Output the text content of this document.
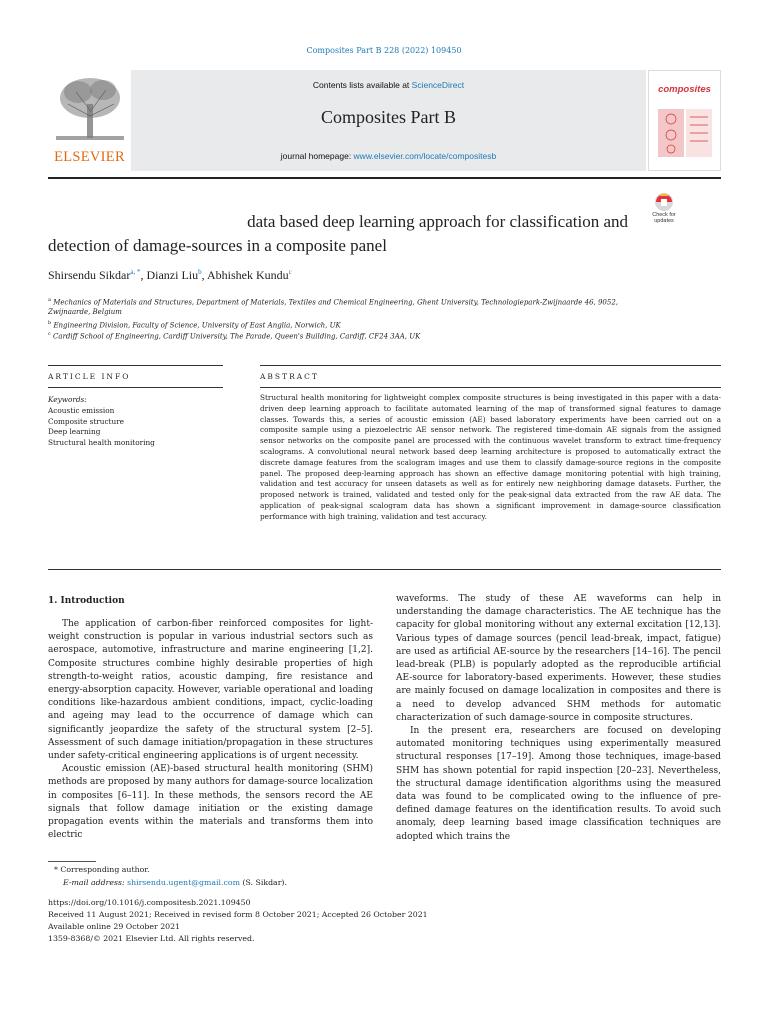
Composites Part B 228 (2022) 109450
ELSEVIER
Contents lists available at ScienceDirect
Composites Part B
journal homepage: www.elsevier.com/locate/compositesb
composites
data based deep learning approach for classification and
detection of damage-sources in a composite panel
Check for updates
Shirsendu Sikdar$^{a, *}$, Dianzi Liu$^b$, Abhishek Kundu$^c$
$^a$ Mechanics of Materials and Structures, Department of Materials, Textiles and Chemical Engineering, Ghent University, Technologiepark-Zwijnaarde 46, 9052, Zwijnaarde, Belgium
$^b$ Engineering Division, Faculty of Science, University of East Anglia, Norwich, UK
$^c$ Cardiff School of Engineering, Cardiff University, The Parade, Queen's Building, Cardiff, CF24 3AA, UK
ARTICLE INFO	ABSTRACT
Keywords:
Acoustic emission
Composite structure
Deep learning
Structural health monitoring
Structural health monitoring for lightweight complex composite structures is being investigated in this paper with a data-driven deep learning approach to facilitate automated learning of the map of transformed signal features to damage classes. Towards this, a series of acoustic emission (AE) based laboratory experiments have been carried out on a composite sample using a piezoelectric AE sensor network. The registered time-domain AE signals from the assigned sensor networks on the composite panel are processed with the continuous wavelet transform to extract time-frequency scalograms. A convolutional neural network based deep learning architecture is proposed to automatically extract the discrete damage features from the scalogram images and use them to classify damage-source regions in the composite panel. The proposed deep-learning approach has shown an effective damage monitoring potential with high training, validation and test accuracy for unseen datasets as well as for entirely new neighboring damage datasets. Further, the proposed network is trained, validated and tested only for the peak-signal data extracted from the raw AE data. The application of peak-signal scalogram data has shown a significant improvement in damage-source classification performance with high training, validation and test accuracy.
1. Introduction

The application of carbon-fiber reinforced composites for light-weight construction is popular in various industrial sectors such as aerospace, automotive, infrastructure and marine engineering [1,2]. Composite structures combine highly desirable properties of high strength-to-weight ratios, acoustic damping, fire resistance and energy-absorption capacity. However, variable operational and loading conditions like-hazardous ambient conditions, impact, cyclic-loading and ageing may lead to the occurrence of damage which can significantly jeopardize the safety of the structural system [2–5]. Assessment of such damage initiation/propagation in these structures under safety-critical engineering applications is of urgent necessity.

Acoustic emission (AE)-based structural health monitoring (SHM) methods are proposed by many authors for damage-source localization in composites [6–11]. In these methods, the sensors record the AE signals that follow damage initiation or the existing damage propagation events within the materials and transforms them into electric

waveforms. The study of these AE waveforms can help in understanding the damage characteristics. The AE technique has the capacity for global monitoring without any external excitation [12,13]. Various types of damage sources (pencil lead-break, impact, fatigue) are used as artificial AE-source by the researchers [14–16]. The pencil lead-break (PLB) is popularly adopted as the reproducible artificial AE-source for laboratory-based experiments. However, these studies are mainly focused on damage localization in composites and there is a need to develop advanced SHM methods for automatic characterization of such damage-source in composite structures.

In the present era, researchers are focused on developing automated monitoring techniques using experimentally measured structural responses [17–19]. Among those techniques, image-based SHM has shown potential for rapid inspection [20–23]. Nevertheless, the structural damage identification algorithms using the measured data was found to be complicated owing to the influence of pre-defined damage features on the identification results. To avoid such anomaly, deep learning based image classification techniques are adopted which trains the

* Corresponding author.
E-mail address: shirsendu.ugent@gmail.com (S. Sikdar).
https://doi.org/10.1016/j.compositesb.2021.109450
Received 11 August 2021; Received in revised form 8 October 2021; Accepted 26 October 2021
Available online 29 October 2021
1359-8368/© 2021 Elsevier Ltd. All rights reserved.
